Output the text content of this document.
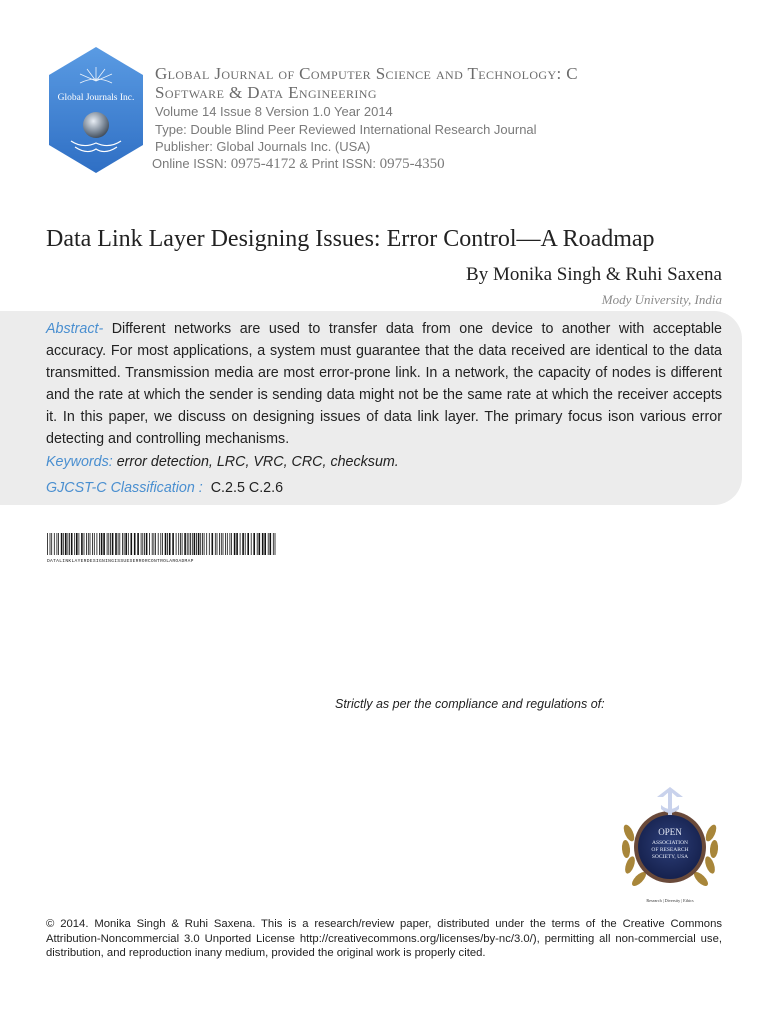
Global Journals Inc.
Global Journal of Computer Science and Technology: C
Software & Data Engineering
Volume 14 Issue 8 Version 1.0 Year 2014
Type: Double Blind Peer Reviewed International Research Journal
Publisher: Global Journals Inc. (USA)
Online ISSN: 0975-4172 & Print ISSN: 0975-4350
Data Link Layer Designing Issues: Error Control—A Roadmap
By Monika Singh & Ruhi Saxena
Mody University, India
Abstract- Different networks are used to transfer data from one device to another with acceptable accuracy. For most applications, a system must guarantee that the data received are identical to the data transmitted. Transmission media are most error-prone link. In a network, the capacity of nodes is different and the rate at which the sender is sending data might not be the same rate at which the receiver accepts it. In this paper, we discuss on designing issues of data link layer. The primary focus ison various error detecting and controlling mechanisms.
Keywords: error detection, LRC, VRC, CRC, checksum.
GJCST-C Classification :  C.2.5 C.2.6
DATALINKLAYERDESIGNINGISSUESERRORCONTROLAROADMAP
Strictly as per the compliance and regulations of:
OPEN
ASSOCIATION
OF RESEARCH
SOCIETY, USA
Research | Diversity | Ethics
© 2014. Monika Singh & Ruhi Saxena. This is a research/review paper, distributed under the terms of the Creative Commons Attribution-Noncommercial 3.0 Unported License http://creativecommons.org/licenses/by-nc/3.0/), permitting all non-commercial use, distribution, and reproduction inany medium, provided the original work is properly cited.
